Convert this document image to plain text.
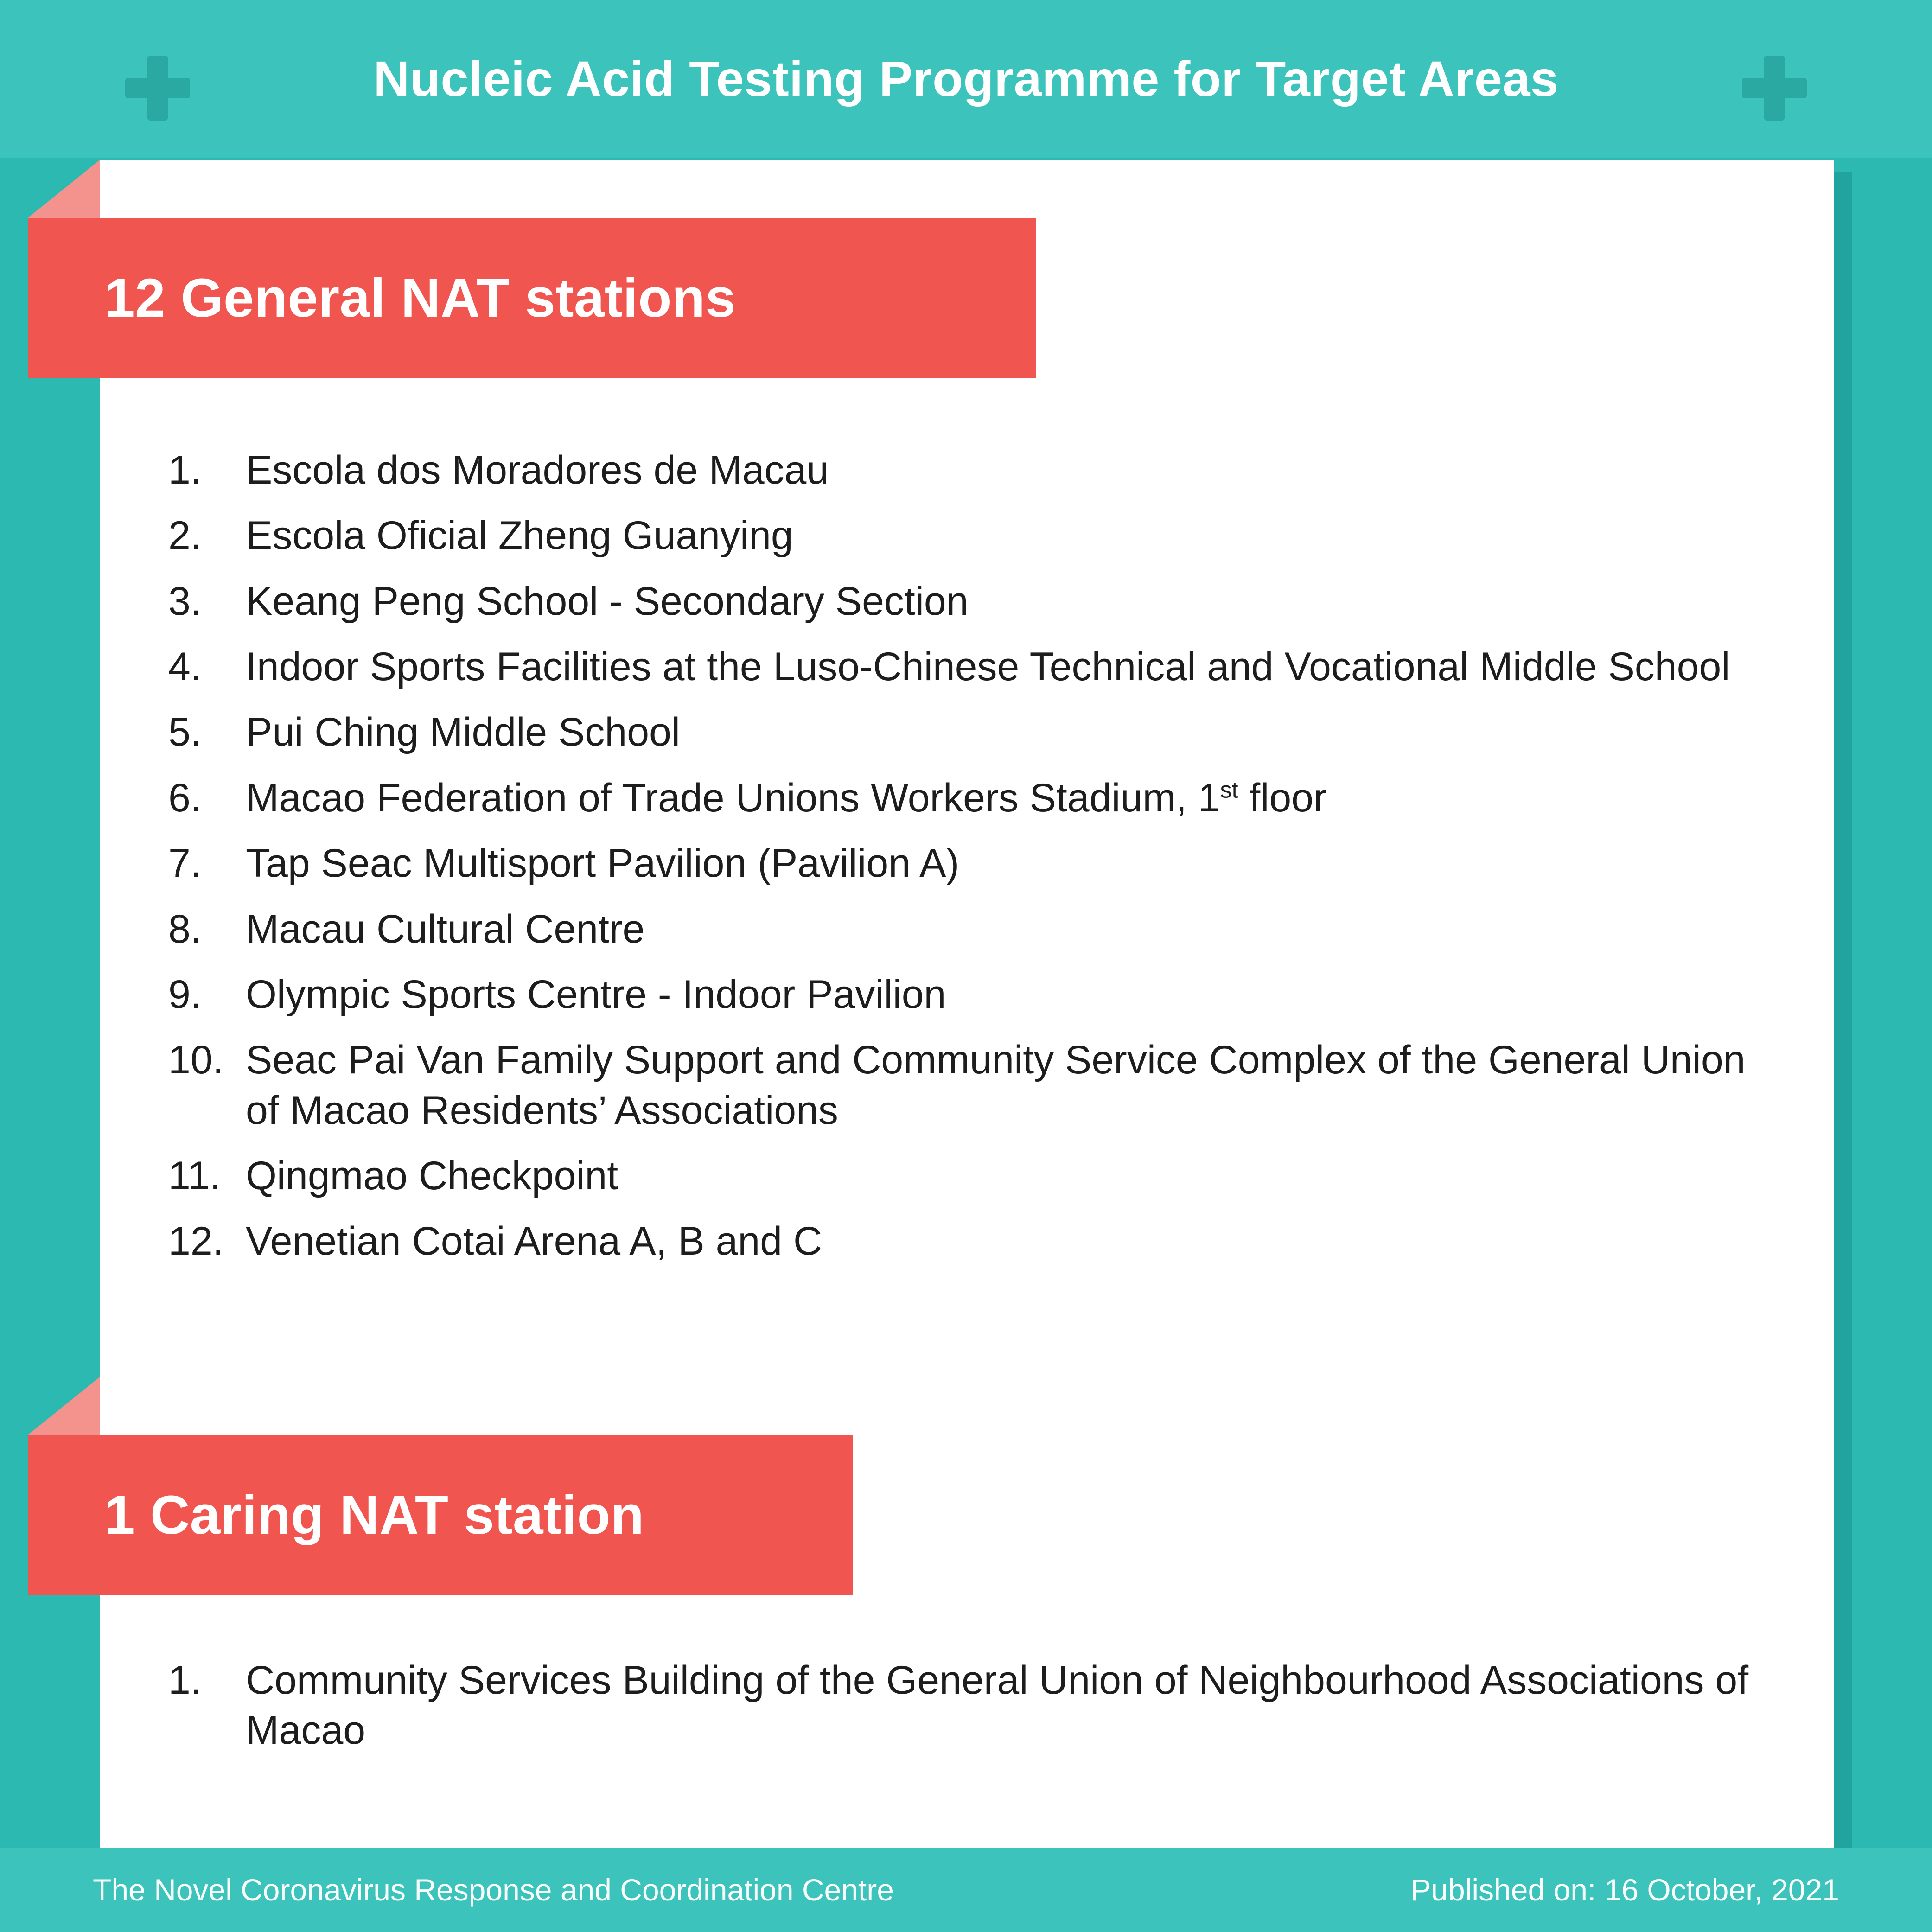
Nucleic Acid Testing Programme for Target Areas
12 General NAT stations
1.	Escola dos Moradores de Macau
2.	Escola Oficial Zheng Guanying
3.	Keang Peng School - Secondary Section
4.	Indoor Sports Facilities at the Luso-Chinese Technical and Vocational Middle School
5.	Pui Ching Middle School
6.	Macao Federation of Trade Unions Workers Stadium, 1st floor
7.	Tap Seac Multisport Pavilion (Pavilion A)
8.	Macau Cultural Centre
9.	Olympic Sports Centre - Indoor Pavilion
10. Seac Pai Van Family Support and Community Service Complex of the General Union of Macao Residents’ Associations
11. Qingmao Checkpoint
12. Venetian Cotai Arena A, B and C
1 Caring NAT station
1.	Community Services Building of the General Union of Neighbourhood Associations of Macao
The Novel Coronavirus Response and Coordination Centre	Published on: 16 October, 2021
